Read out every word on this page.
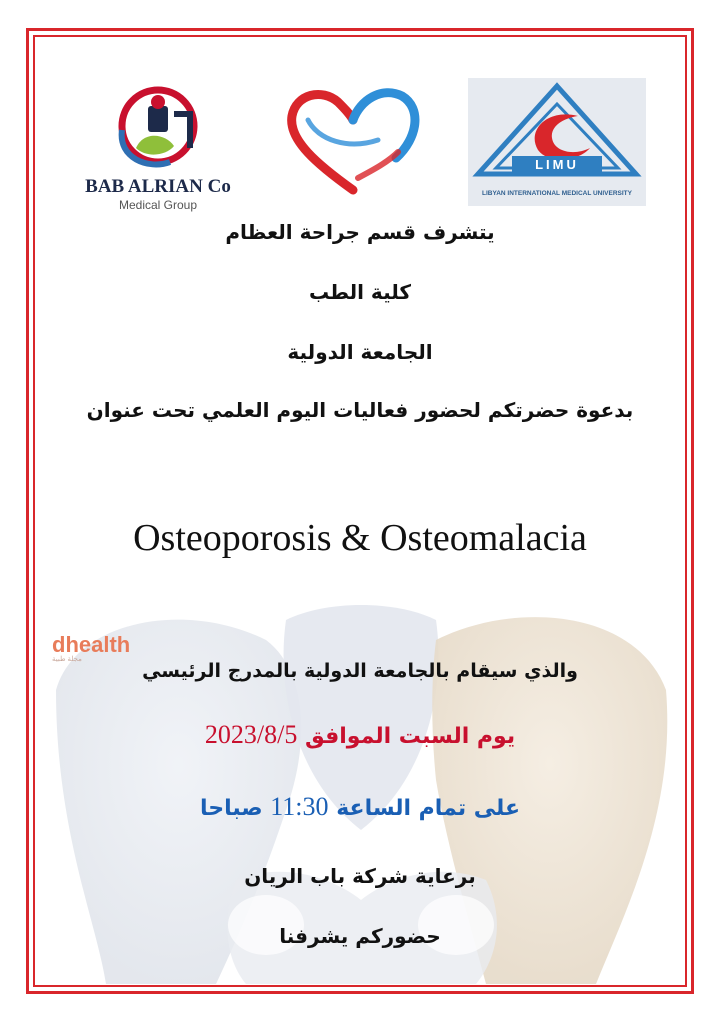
BAB ALRIAN Co
Medical Group
LIMU
LIBYAN INTERNATIONAL MEDICAL UNIVERSITY
يتشرف قسم جراحة العظام
كلية الطب
الجامعة الدولية
بدعوة حضرتكم لحضور فعاليات اليوم العلمي تحت عنوان
Osteoporosis & Osteomalacia
dhealth
مجلة طبية
والذي سيقام بالجامعة الدولية بالمدرج الرئيسي
يوم السبت الموافق 2023/8/5
على تمام الساعة 11:30 صباحا
برعاية شركة باب الريان
حضوركم يشرفنا
